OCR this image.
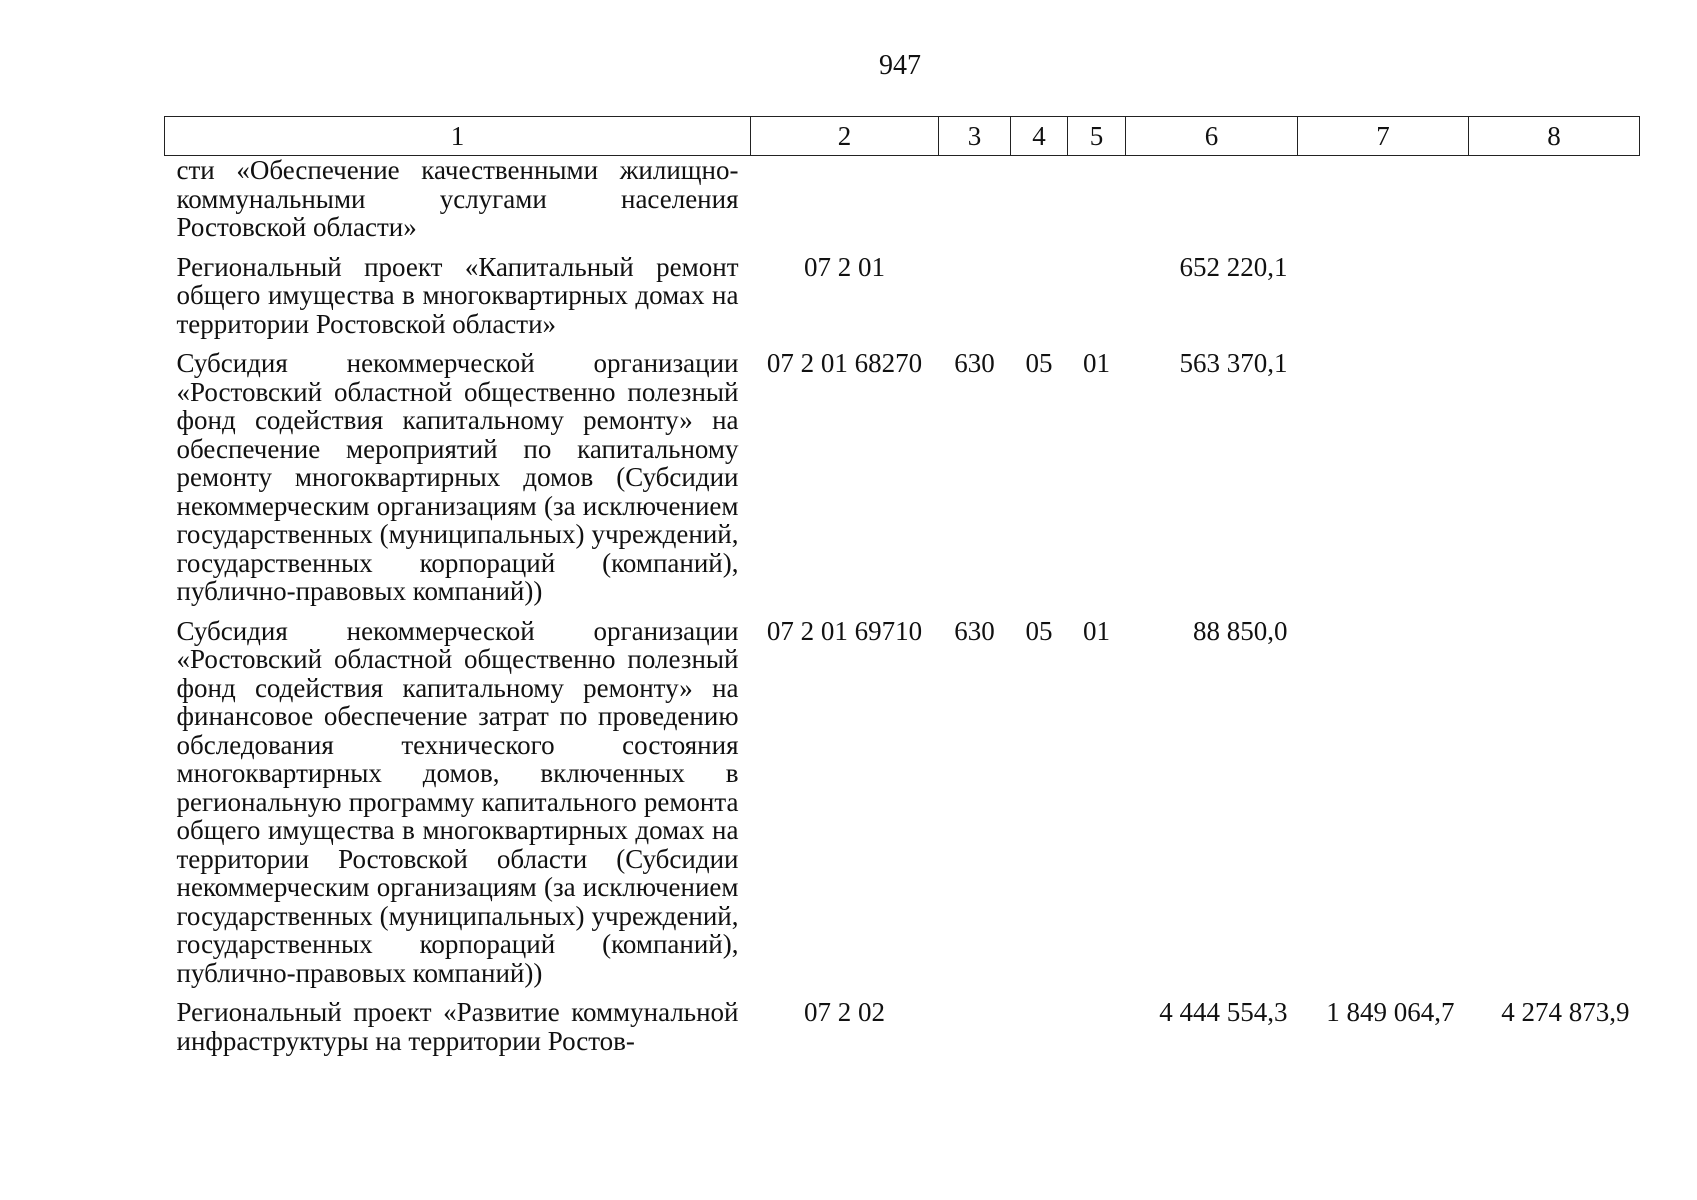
947
1	2	3	4	5	6	7	8
сти «Обеспечение качественными жилищно-коммунальными услугами населения Ростовской области»							
Региональный проект «Капитальный ремонт общего имущества в многоквартирных домах на территории Ростовской области»	07 2 01				652 220,1		
Субсидия некоммерческой организации «Ростовский областной общественно полезный фонд содействия капитальному ремонту» на обеспечение мероприятий по капитальному ремонту многоквартирных домов (Субсидии некоммерческим организациям (за исключением государственных (муниципальных) учреждений, государственных корпораций (компаний), публично-правовых компаний))	07 2 01 68270	630	05	01	563 370,1		
Субсидия некоммерческой организации «Ростовский областной общественно полезный фонд содействия капитальному ремонту» на финансовое обеспечение затрат по проведению обследования технического состояния многоквартирных домов, включенных в региональную программу капитального ремонта общего имущества в многоквартирных домах на территории Ростовской области (Субсидии некоммерческим организациям (за исключением государственных (муниципальных) учреждений, государственных корпораций (компаний), публично-правовых компаний))	07 2 01 69710	630	05	01	88 850,0		
Региональный проект «Развитие коммунальной инфраструктуры на территории Ростов-	07 2 02				4 444 554,3	1 849 064,7	4 274 873,9
